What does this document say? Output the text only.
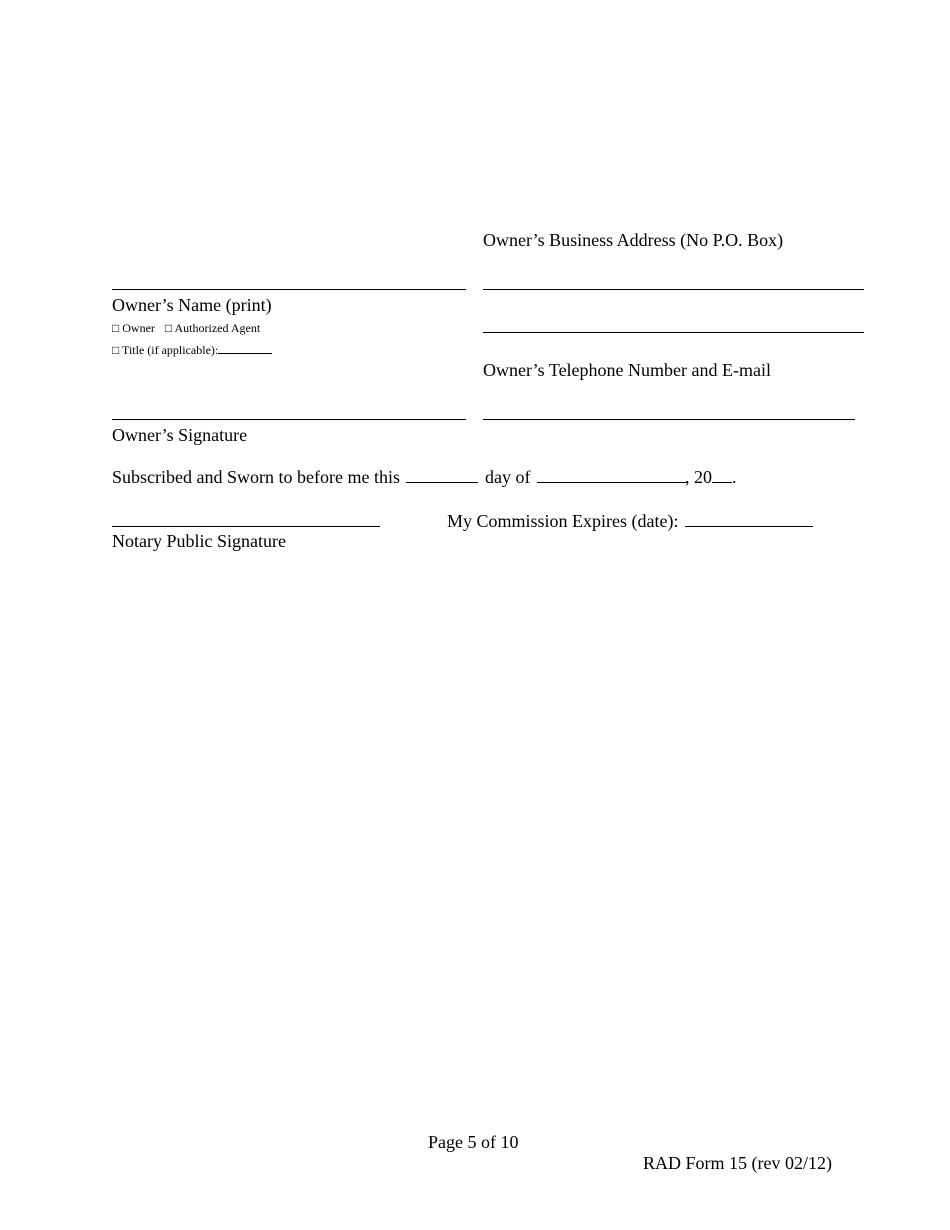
Owner’s Business Address (No P.O. Box)
Owner’s Name (print)
□ Owner □ Authorized Agent
□ Title (if applicable):
Owner’s Telephone Number and E-mail
Owner’s Signature
Subscribed and Sworn to before me this	day of	, 20 .
My Commission Expires (date):
Notary Public Signature
Page 5 of 10
RAD Form 15 (rev 02/12)
